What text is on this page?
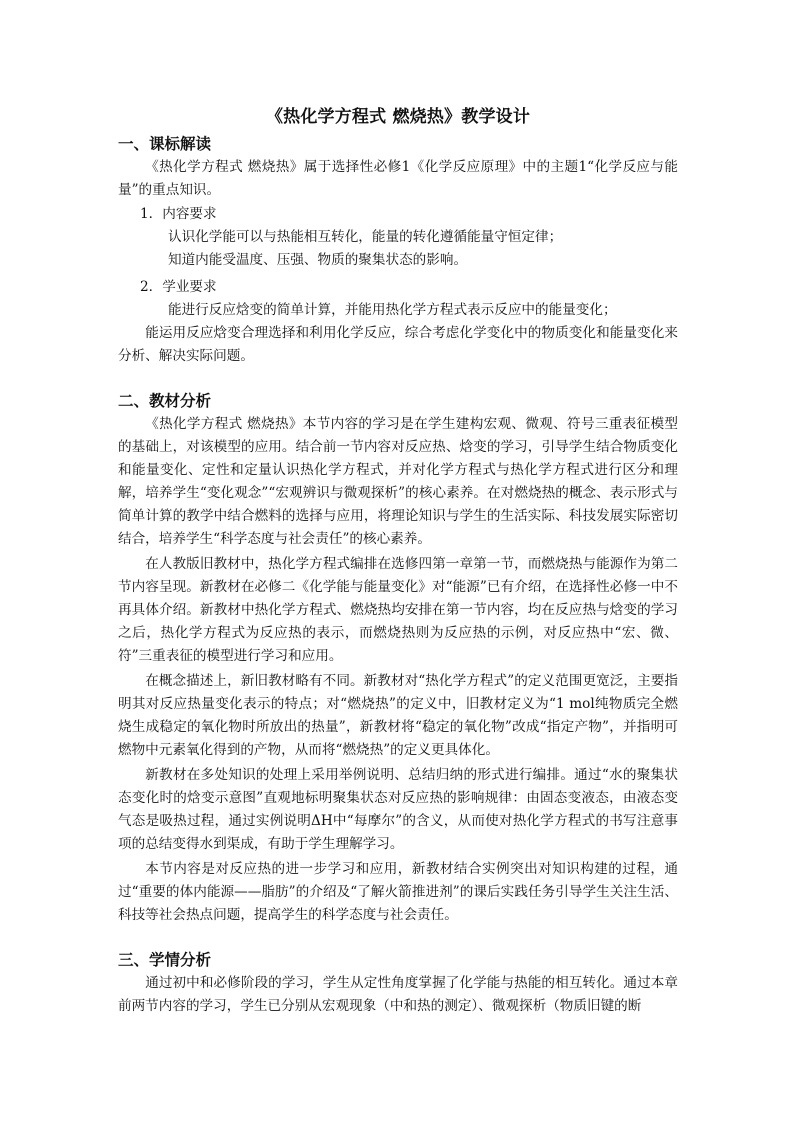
《热化学方程式 燃烧热》教学设计
一、课标解读
《热化学方程式 燃烧热》属于选择性必修1《化学反应原理》中的主题1“化学反应与能量”的重点知识。
1．内容要求
认识化学能可以与热能相互转化，能量的转化遵循能量守恒定律；
知道内能受温度、压强、物质的聚集状态的影响。
2．学业要求
能进行反应焓变的简单计算，并能用热化学方程式表示反应中的能量变化；
能运用反应焓变合理选择和利用化学反应，综合考虑化学变化中的物质变化和能量变化来分析、解决实际问题。
二、教材分析
《热化学方程式 燃烧热》本节内容的学习是在学生建构宏观、微观、符号三重表征模型的基础上，对该模型的应用。结合前一节内容对反应热、焓变的学习，引导学生结合物质变化和能量变化、定性和定量认识热化学方程式，并对化学方程式与热化学方程式进行区分和理解，培养学生“变化观念”“宏观辨识与微观探析”的核心素养。在对燃烧热的概念、表示形式与简单计算的教学中结合燃料的选择与应用，将理论知识与学生的生活实际、科技发展实际密切结合，培养学生“科学态度与社会责任”的核心素养。
在人教版旧教材中，热化学方程式编排在选修四第一章第一节，而燃烧热与能源作为第二节内容呈现。新教材在必修二《化学能与能量变化》对“能源”已有介绍，在选择性必修一中不再具体介绍。新教材中热化学方程式、燃烧热均安排在第一节内容，均在反应热与焓变的学习之后，热化学方程式为反应热的表示，而燃烧热则为反应热的示例，对反应热中“宏、微、符”三重表征的模型进行学习和应用。
在概念描述上，新旧教材略有不同。新教材对“热化学方程式”的定义范围更宽泛，主要指明其对反应热量变化表示的特点；对“燃烧热”的定义中，旧教材定义为“1 mol纯物质完全燃烧生成稳定的氧化物时所放出的热量”，新教材将“稳定的氧化物”改成“指定产物”，并指明可燃物中元素氧化得到的产物，从而将“燃烧热”的定义更具体化。
新教材在多处知识的处理上采用举例说明、总结归纳的形式进行编排。通过“水的聚集状态变化时的焓变示意图”直观地标明聚集状态对反应热的影响规律：由固态变液态，由液态变气态是吸热过程，通过实例说明ΔH中“每摩尔”的含义，从而使对热化学方程式的书写注意事项的总结变得水到渠成，有助于学生理解学习。
本节内容是对反应热的进一步学习和应用，新教材结合实例突出对知识构建的过程，通过“重要的体内能源——脂肪”的介绍及“了解火箭推进剂”的课后实践任务引导学生关注生活、科技等社会热点问题，提高学生的科学态度与社会责任。
三、学情分析
通过初中和必修阶段的学习，学生从定性角度掌握了化学能与热能的相互转化。通过本章前两节内容的学习，学生已分别从宏观现象（中和热的测定）、微观探析（物质旧键的断
